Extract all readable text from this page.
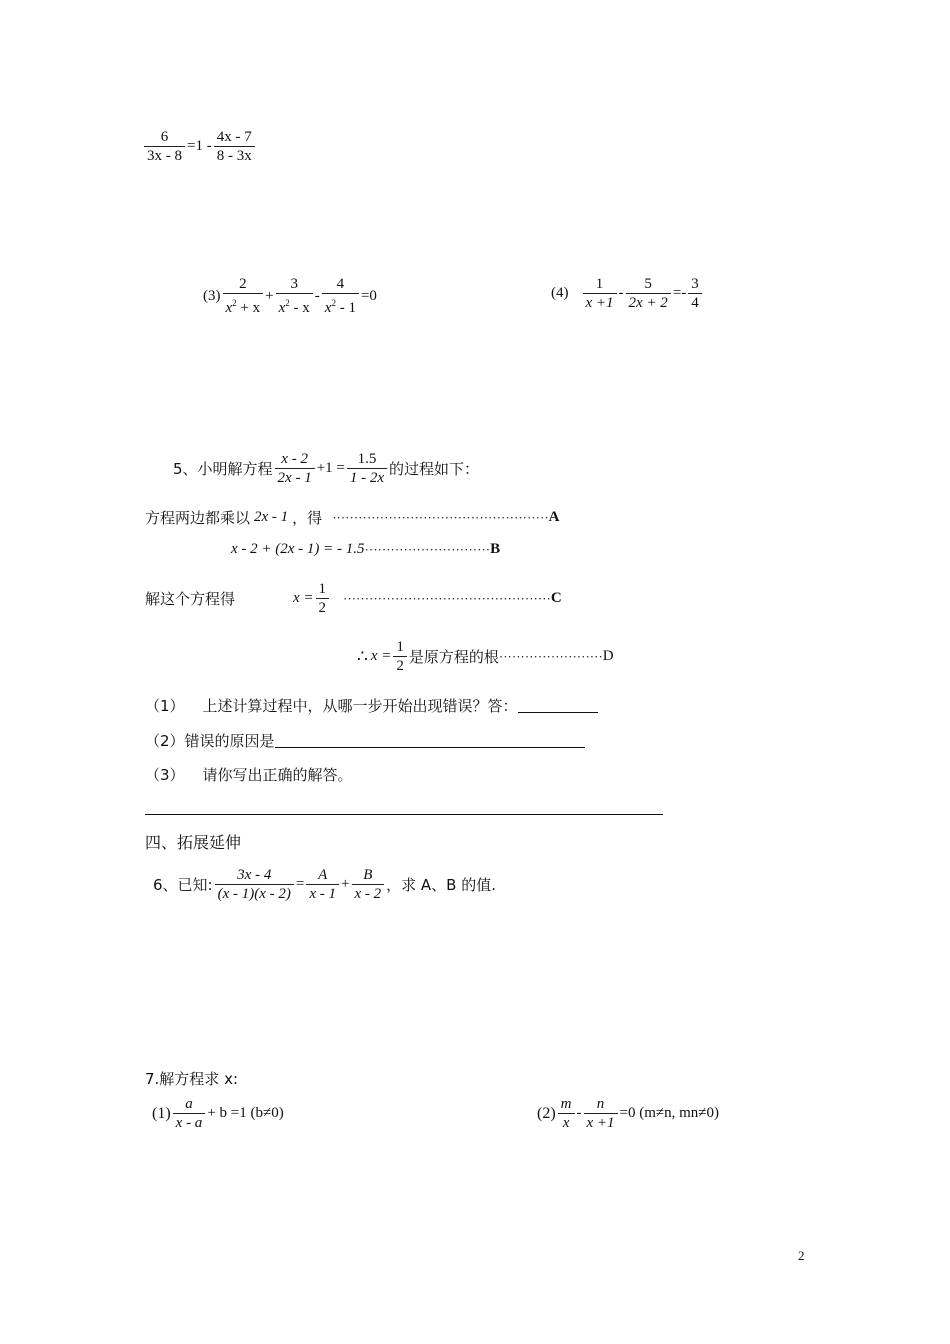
$\frac{6}{3x - 8} =1 - \frac{4x - 7}{8 - 3x}$
$(3) \frac{2}{x^2 + x} + \frac{3}{x^2 - x} - \frac{4}{x^2 - 1} =0$	$(4) \frac{1}{x +1} - \frac{5}{2x + 2} =- \frac{3}{4}$
5、小明解方程 $\frac{x - 2}{2x - 1} +1 = \frac{1.5}{1 - 2x}$ 的过程如下：
方程两边都乘以 2x - 1 ，得 ·················································· A
x - 2 + (2x - 1) = - 1.5 ····························· B
解这个方程得	$x = \frac{1}{2}$ ················································ C
∴ $x = \frac{1}{2}$ 是原方程的根 ························ D
（1） 上述计算过程中，从哪一步开始出现错误？答：
（2） 错误的原因是
（3） 请你写出正确的解答。
四、拓展延伸
6、已知: $\frac{3x - 4}{(x - 1)(x - 2)} = \frac{A}{x - 1} + \frac{B}{x - 2}$ ，求 A、B 的值.
7.解方程求 x:
$(1) \frac{a}{x - a} + b =1$ (b≠0)	$(2) \frac{m}{x} - \frac{n}{x +1} =0$ (m≠n, mn≠0)
2
